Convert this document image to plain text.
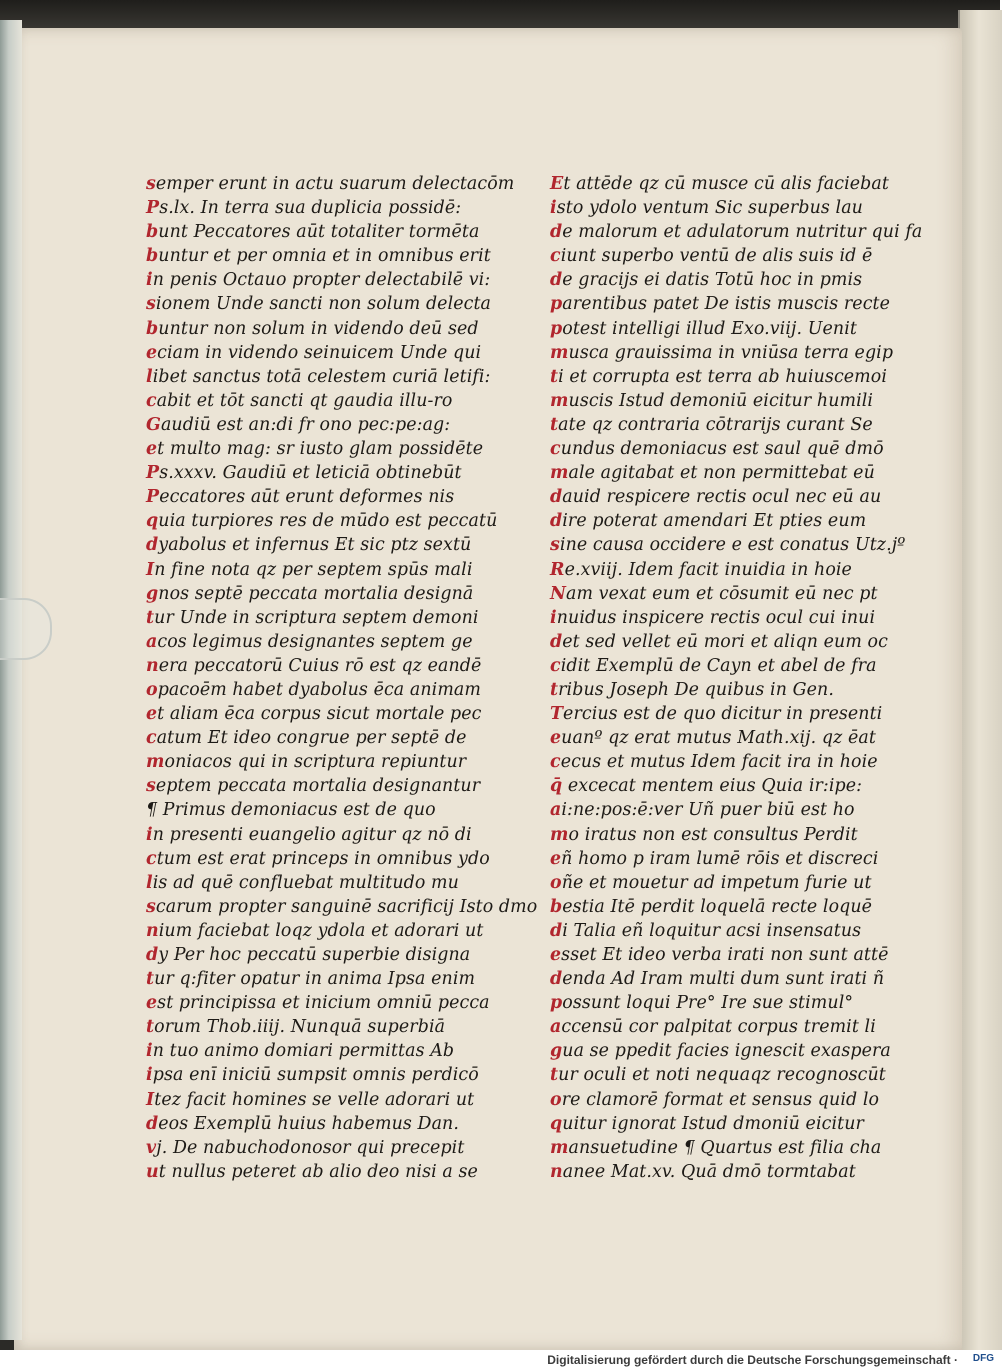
semper erunt in actu suarum delectacōm
Ps.lx. In terra sua duplicia possidē:
bunt Peccatores aūt totaliter tormēta
buntur et per omnia et in omnibus erit
in penis Octauo propter delectabilē vi:
sionem Unde sancti non solum delecta
buntur non solum in videndo deū sed
eciam in videndo seinuicem Unde qui
libet sanctus totā celestem curiā letifi:
cabit et tōt sancti qt gaudia illu-ro
Gaudiū est an:di fr ono pec:pe:ag:
et multo mag: sr iusto glam possidēte
Ps.xxxv. Gaudiū et leticiā obtinebūt
Peccatores aūt erunt deformes nis
quia turpiores res de mūdo est peccatū
dyabolus et infernus Et sic ptz sextū
In fine nota qz per septem spūs mali
gnos septē peccata mortalia designā
tur Unde in scriptura septem demoni
acos legimus designantes septem ge
nera peccatorū Cuius rō est qz eandē
opacoēm habet dyabolus ēca animam
et aliam ēca corpus sicut mortale pec
catum Et ideo congrue per septē de
moniacos qui in scriptura repiuntur
septem peccata mortalia designantur
¶ Primus demoniacus est de quo
in presenti euangelio agitur qz nō di
ctum est erat princeps in omnibus ydo
lis ad quē confluebat multitudo mu
scarum propter sanguinē sacrificij Isto dmo
nium faciebat loqz ydola et adorari ut
dy Per hoc peccatū superbie disigna
tur q:fiter opatur in anima Ipsa enim
est principissa et inicium omniū pecca
torum Thob.iiij. Nunquā superbiā
in tuo animo domiari permittas Ab
ipsa enī iniciū sumpsit omnis perdicō
Itez facit homines se velle adorari ut
deos Exemplū huius habemus Dan.
vj. De nabuchodonosor qui precepit
ut nullus peteret ab alio deo nisi a se
Et attēde qz cū musce cū alis faciebat
isto ydolo ventum Sic superbus lau
de malorum et adulatorum nutritur qui fa
ciunt superbo ventū de alis suis id ē
de gracijs ei datis Totū hoc in pmis
parentibus patet De istis muscis recte
potest intelligi illud Exo.viij. Uenit
musca grauissima in vniūsa terra egip
ti et corrupta est terra ab huiuscemoi
muscis Istud demoniū eicitur humili
tate qz contraria cōtrarijs curant Se
cundus demoniacus est saul quē dmō
male agitabat et non permittebat eū
dauid respicere rectis ocul nec eū au
dire poterat amendari Et pties eum
sine causa occidere e est conatus Utz.jº
Re.xviij. Idem facit inuidia in hoie
Nam vexat eum et cōsumit eū nec pt
inuidus inspicere rectis ocul cui inui
det sed vellet eū mori et aliqn eum oc
cidit Exemplū de Cayn et abel de fra
tribus Joseph De quibus in Gen.
Tercius est de quo dicitur in presenti
euanº qz erat mutus Math.xij. qz ēat
cecus et mutus Idem facit ira in hoie
q̄ excecat mentem eius Quia ir:ipe:
ai:ne:pos:ē:ver Uñ puer biū est ho
mo iratus non est consultus Perdit
eñ homo p iram lumē rōis et discreci
oñe et mouetur ad impetum furie ut
bestia Itē perdit loquelā recte loquē
di Talia eñ loquitur acsi insensatus
esset Et ideo verba irati non sunt attē
denda Ad Iram multi dum sunt irati ñ
possunt loqui Pre° Ire sue stimul°
accensū cor palpitat corpus tremit li
gua se ppedit facies ignescit exaspera
tur oculi et noti nequaqz recognoscūt
ore clamorē format et sensus quid lo
quitur ignorat Istud dmoniū eicitur
mansuetudine ¶ Quartus est filia cha
nanee Mat.xv. Quā dmō tormtabat
Digitalisierung gefördert durch die Deutsche Forschungsgemeinschaft · DFG
